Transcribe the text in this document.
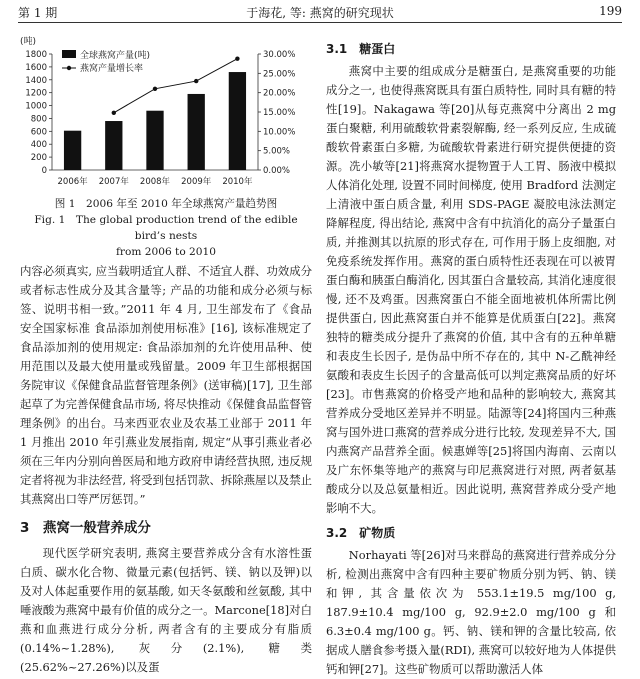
第 1 期	于海花, 等: 燕窝的研究现状	199
(吨)
0
200
400
600
800
1000
1200
1400
1600
1800
0.00%
5.00%
10.00%
15.00%
20.00%
25.00%
30.00%
2006年 2007年 2008年 2009年 2010年
全球燕窝产量(吨)
燕窝产量增长率
图 1　2006 年至 2010 年全球燕窝产量趋势图
Fig. 1　The global production trend of the edible bird’s nests
from 2006 to 2010

内容必须真实, 应当载明适宜人群、不适宜人群、功效成分或者标志性成分及其含量等; 产品的功能和成分必须与标签、说明书相一致。”2011 年 4 月, 卫生部发布了《食品安全国家标准 食品添加剂使用标准》[16], 该标准规定了食品添加剂的使用规定: 食品添加剂的允许使用品种、使用范围以及最大使用量或残留量。2009 年卫生部根据国务院审议《保健食品监督管理条例》(送审稿)[17], 卫生部起草了为完善保健食品市场, 将尽快推动《保健食品监督管理条例》的出台。马来西亚农业及农基工业部于 2011 年 1 月推出 2010 年引燕业发展指南, 规定“从事引燕业者必须在三年内分别向兽医局和地方政府申请经营执照, 违反规定者将视为非法经营, 将受到包括罚款、拆除燕屋以及禁止其燕窝出口等严厉惩罚。”

3　燕窝一般营养成分

现代医学研究表明, 燕窝主要营养成分含有水溶性蛋白质、碳水化合物、微量元素(包括钙、镁、钠以及钾)以及对人体起重要作用的氨基酸, 如天冬氨酸和丝氨酸, 其中唾液酸为燕窝中最有价值的成分之一。Marcone[18]对白燕和血燕进行成分分析, 两者含有的主要成分有脂质(0.14%~1.28%), 灰分(2.1%), 糖类(25.62%~27.26%)以及蛋

3.1　糖蛋白

燕窝中主要的组成成分是糖蛋白, 是燕窝重要的功能成分之一, 也使得燕窝既具有蛋白质特性, 同时具有糖的特性[19]。Nakagawa 等[20]从每克燕窝中分离出 2 mg 蛋白聚糖, 利用硫酸软骨素裂解酶, 经一系列反应, 生成硫酸软骨素蛋白多糖, 为硫酸软骨素进行研究提供便捷的资源。冼小敏等[21]将燕窝水提物置于人工胃、肠液中模拟人体消化处理, 设置不同时间梯度, 使用 Bradford 法测定上清液中蛋白质含量, 利用 SDS-PAGE 凝胶电泳法测定降解程度, 得出结论, 燕窝中含有中抗消化的高分子量蛋白质, 并推测其以抗原的形式存在, 可作用于肠上皮细胞, 对免疫系统发挥作用。燕窝的蛋白质特性还表现在可以被胃蛋白酶和胰蛋白酶消化, 因其蛋白含量较高, 其消化速度很慢, 还不及鸡蛋。因燕窝蛋白不能全面地被机体所需比例提供蛋白, 因此燕窝蛋白并不能算是优质蛋白[22]。燕窝独特的糖类成分提升了燕窝的价值, 其中含有的五种单糖和表皮生长因子, 是伪品中所不存在的, 其中 N-乙酰神经氨酸和表皮生长因子的含量高低可以判定燕窝品质的好坏[23]。市售燕窝的价格受产地和品种的影响较大, 燕窝其营养成分受地区差异并不明显。陆源等[24]将国内三种燕窝与国外进口燕窝的营养成分进行比较, 发现差异不大, 国内燕窝产品营养全面。候惠婵等[25]将国内海南、云南以及广东怀集等地产的燕窝与印尼燕窝进行对照, 两者氨基酸成分以及总氨量相近。因此说明, 燕窝营养成分受产地影响不大。

3.2　矿物质

Norhayati 等[26]对马来群岛的燕窝进行营养成分分析, 检测出燕窝中含有四种主要矿物质分别为钙、钠、镁和钾, 其含量依次为 553.1±19.5 mg/100 g, 187.9±10.4 mg/100 g, 92.9±2.0 mg/100 g 和 6.3±0.4 mg/100 g。钙、钠、镁和钾的含量比较高, 依据成人膳食参考摄入量(RDI), 燕窝可以较好地为人体提供钙和钾[27]。这些矿物质可以帮助激活人体
